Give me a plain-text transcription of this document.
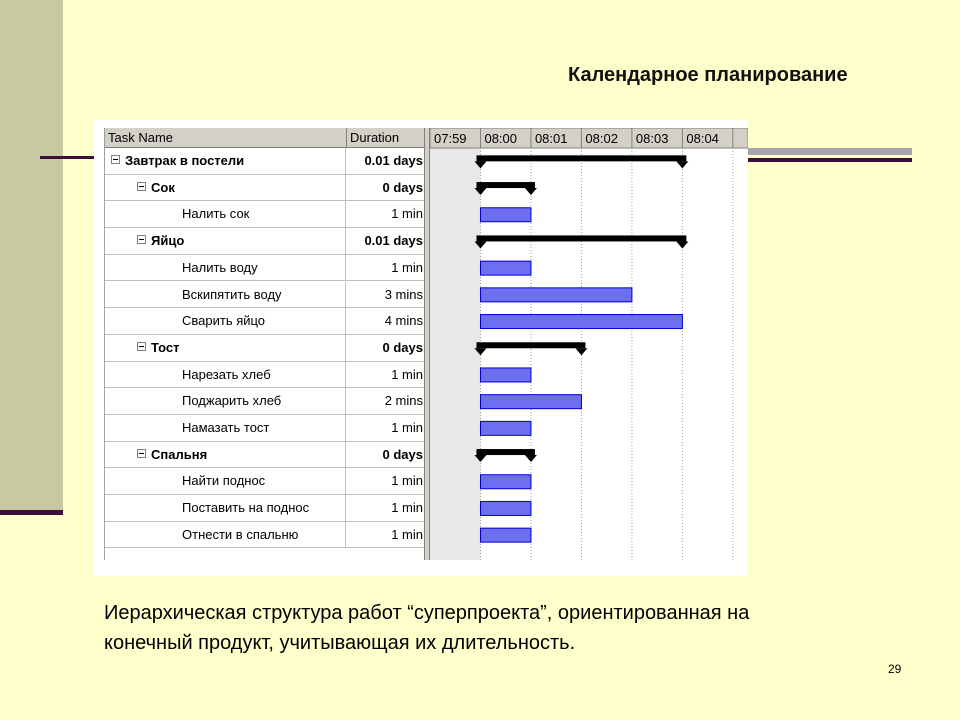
Календарное планирование
Task Name	Duration
Завтрак в постели	0.01 days
Сок	0 days
Налить сок	1 min
Яйцо	0.01 days
Налить воду	1 min
Вскипятить воду	3 mins
Сварить яйцо	4 mins
Тост	0 days
Нарезать хлеб	1 min
Поджарить хлеб	2 mins
Намазать тост	1 min
Спальня	0 days
Найти поднос	1 min
Поставить на поднос	1 min
Отнести в спальню	1 min
07:59 08:00 08:01 08:02 08:03 08:04
Иерархическая структура работ “суперпроекта”, ориентированная на конечный продукт, учитывающая их длительность.
29
